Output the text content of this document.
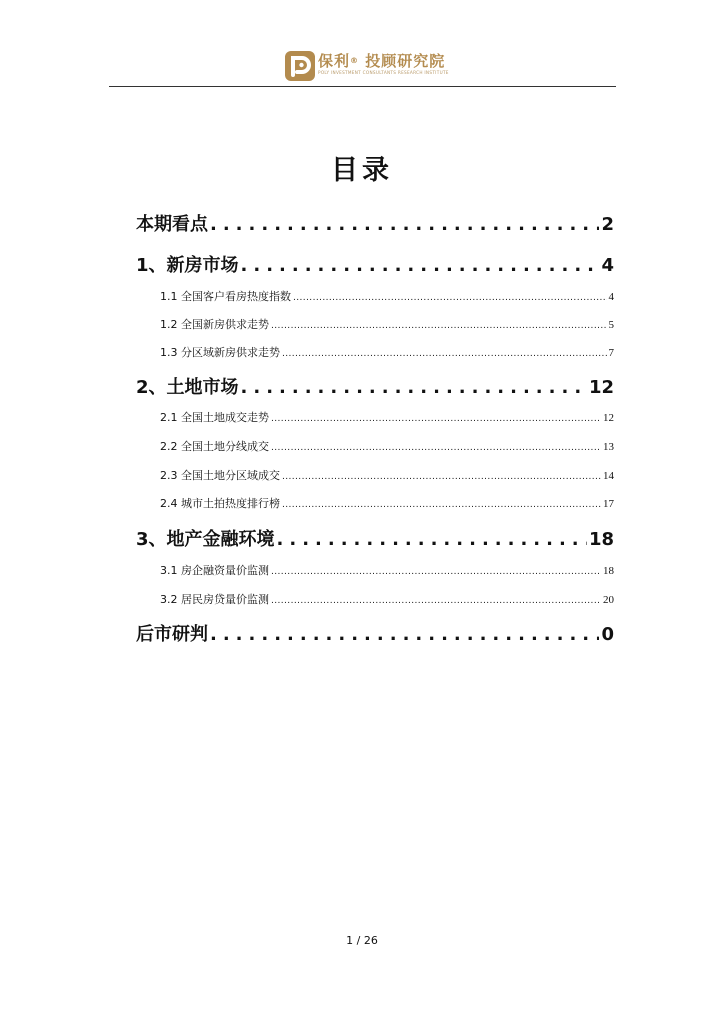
保利® 投顾研究院
POLY INVESTMENT CONSULTANTS RESEARCH INSTITUTE
目录
本期看点 .....	2
1、新房市场 .....	4
1.1 全国客户看房热度指数 .....	4
1.2 全国新房供求走势 .....	5
1.3 分区域新房供求走势 .....	7
2、土地市场 .....	12
2.1 全国土地成交走势 .....	12
2.2 全国土地分线成交 .....	13
2.3 全国土地分区域成交 .....	14
2.4 城市土拍热度排行榜 .....	17
3、地产金融环境 .....	18
3.1 房企融资量价监测 .....	18
3.2 居民房贷量价监测 .....	20
后市研判 .....	0
1 / 26
